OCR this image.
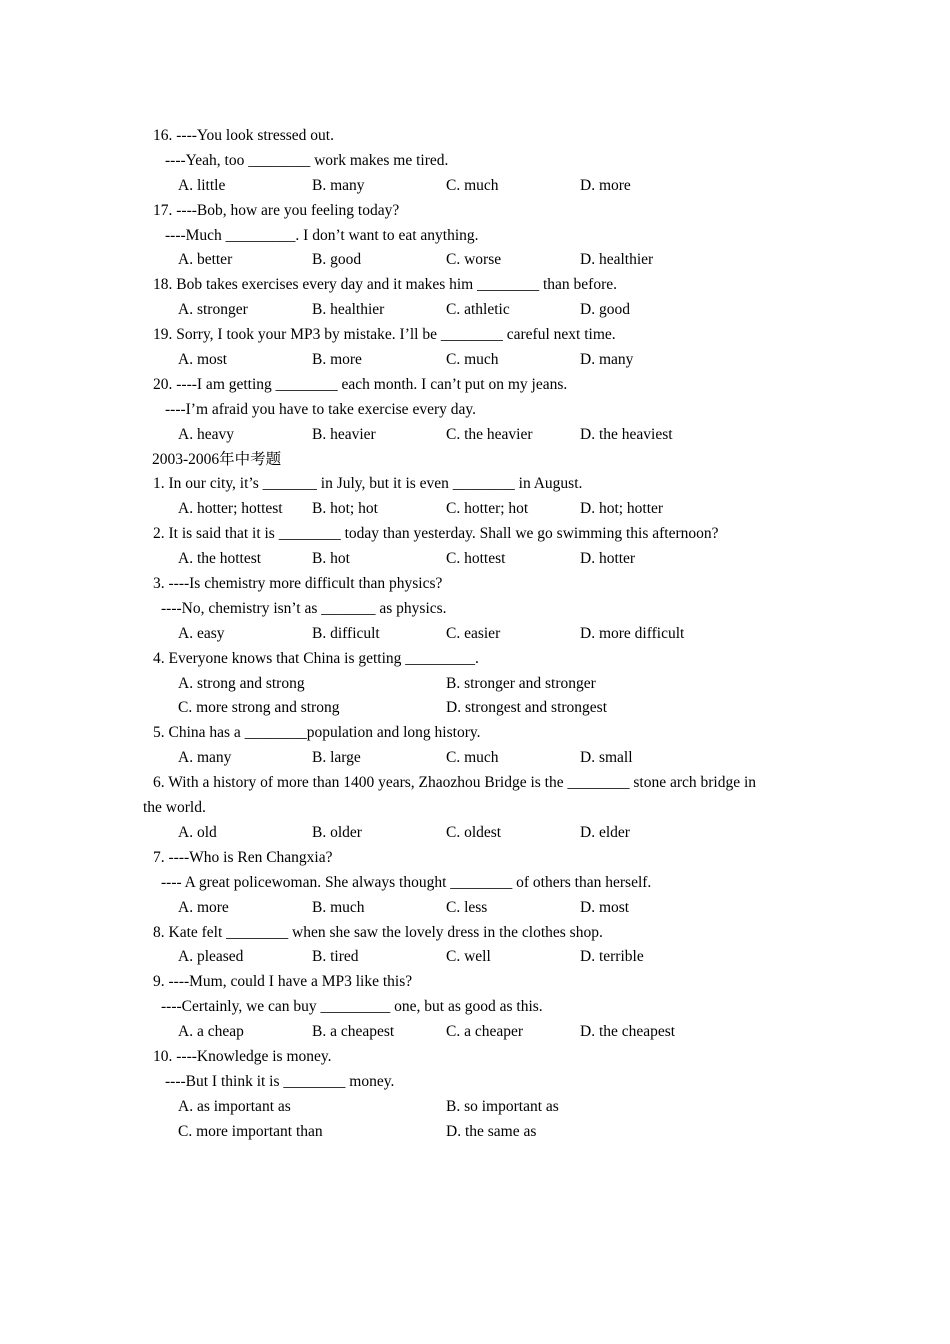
16. ----You look stressed out.
----Yeah, too ________ work makes me tired.
A. little	B. many	C. much	D. more
17. ----Bob, how are you feeling today?
----Much _________. I don’t want to eat anything.
A. better	B. good	C. worse	D. healthier
18. Bob takes exercises every day and it makes him ________ than before.
A. stronger	B. healthier	C. athletic	D. good
19. Sorry, I took your MP3 by mistake. I’ll be ________ careful next time.
A. most	B. more	C. much	D. many
20. ----I am getting ________ each month. I can’t put on my jeans.
----I’m afraid you have to take exercise every day.
A. heavy	B. heavier	C. the heavier	D. the heaviest
2003-2006年中考题
1. In our city, it’s _______ in July, but it is even ________ in August.
A. hotter; hottest B. hot; hot	C. hotter; hot	D. hot; hotter
2. It is said that it is ________ today than yesterday. Shall we go swimming this afternoon?
A. the hottest	B. hot	C. hottest	D. hotter
3. ----Is chemistry more difficult than physics?
----No, chemistry isn’t as _______ as physics.
A. easy	B. difficult	C. easier	D. more difficult
4. Everyone knows that China is getting _________.
A. strong and strong	B. stronger and stronger
C. more strong and strong	D. strongest and strongest
5. China has a ________population and long history.
A. many	B. large	C. much	D. small
6. With a history of more than 1400 years, Zhaozhou Bridge is the ________ stone arch bridge in
the world.
A. old	B. older	C. oldest	D. elder
7. ----Who is Ren Changxia?
---- A great policewoman. She always thought ________ of others than herself.
A. more	B. much	C. less	D. most
8. Kate felt ________ when she saw the lovely dress in the clothes shop.
A. pleased	B. tired	C. well	D. terrible
9. ----Mum, could I have a MP3 like this?
----Certainly, we can buy _________ one, but as good as this.
A. a cheap	B. a cheapest	C. a cheaper	D. the cheapest
10. ----Knowledge is money.
----But I think it is ________ money.
A. as important as	B. so important as
C. more important than	D. the same as
